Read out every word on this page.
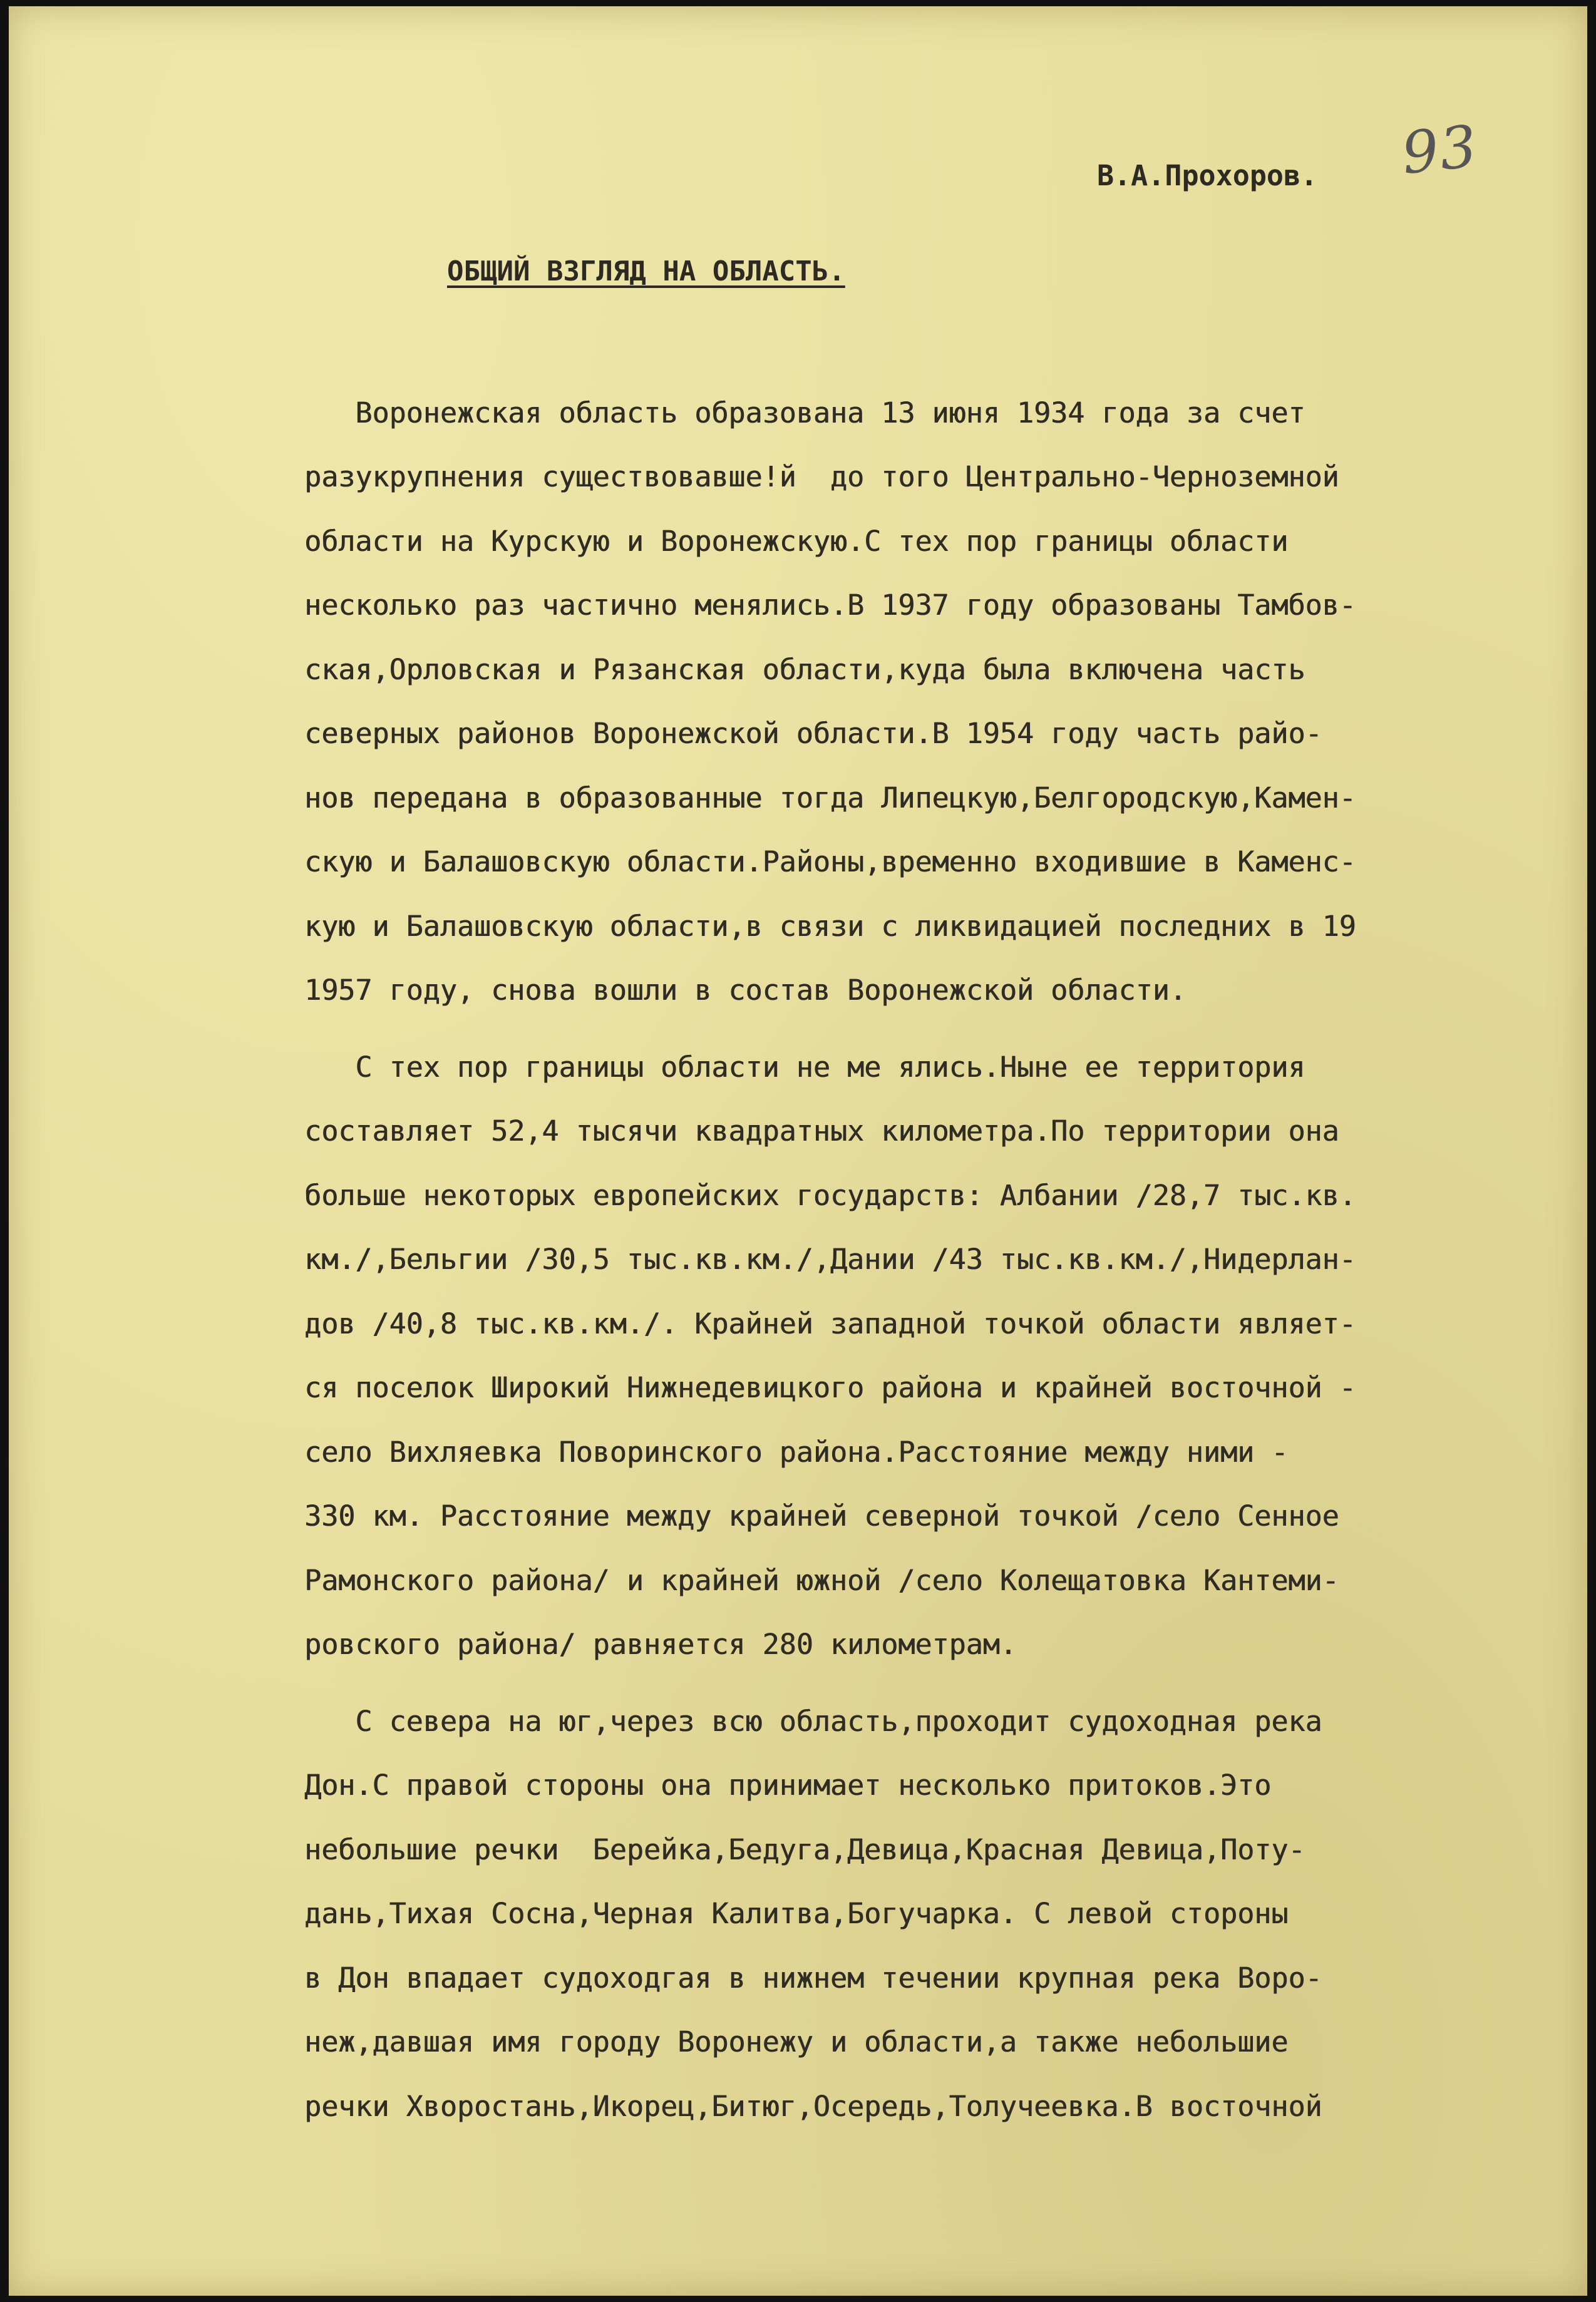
93
В.А.Прохоров.
ОБЩИЙ ВЗГЛЯД НА ОБЛАСТЬ.
Воронежская область образована 13 июня 1934 года за счет
разукрупнения существовавше!й  до того Центрально-Черноземной
области на Курскую и Воронежскую.С тех пор границы области
несколько раз частично менялись.В 1937 году образованы Тамбов-
ская,Орловская и Рязанская области,куда была включена часть
северных районов Воронежской области.В 1954 году часть райо-
нов передана в образованные тогда Липецкую,Белгородскую,Камен-
скую и Балашовскую области.Районы,временно входившие в Каменс-
кую и Балашовскую области,в связи с ликвидацией последних в 19
1957 году, снова вошли в состав Воронежской области.
С тех пор границы области не ме ялись.Ныне ее территория
составляет 52,4 тысячи квадратных километра.По территории она
больше некоторых европейских государств: Албании /28,7 тыс.кв.
км./,Бельгии /30,5 тыс.кв.км./,Дании /43 тыс.кв.км./,Нидерлан-
дов /40,8 тыс.кв.км./. Крайней западной точкой области являет-
ся поселок Широкий Нижнедевицкого района и крайней восточной -
село Вихляевка Поворинского района.Расстояние между ними -
330 км. Расстояние между крайней северной точкой /село Сенное
Рамонского района/ и крайней южной /село Колещатовка Кантеми-
ровского района/ равняется 280 километрам.
С севера на юг,через всю область,проходит судоходная река
Дон.С правой стороны она принимает несколько притоков.Это
небольшие речки  Берейка,Бедуга,Девица,Красная Девица,Поту-
дань,Тихая Сосна,Черная Калитва,Богучарка. С левой стороны
в Дон впадает судоходгая в нижнем течении крупная река Воро-
неж,давшая имя городу Воронежу и области,а также небольшие
речки Хворостань,Икорец,Битюг,Осередь,Толучеевка.В восточной
